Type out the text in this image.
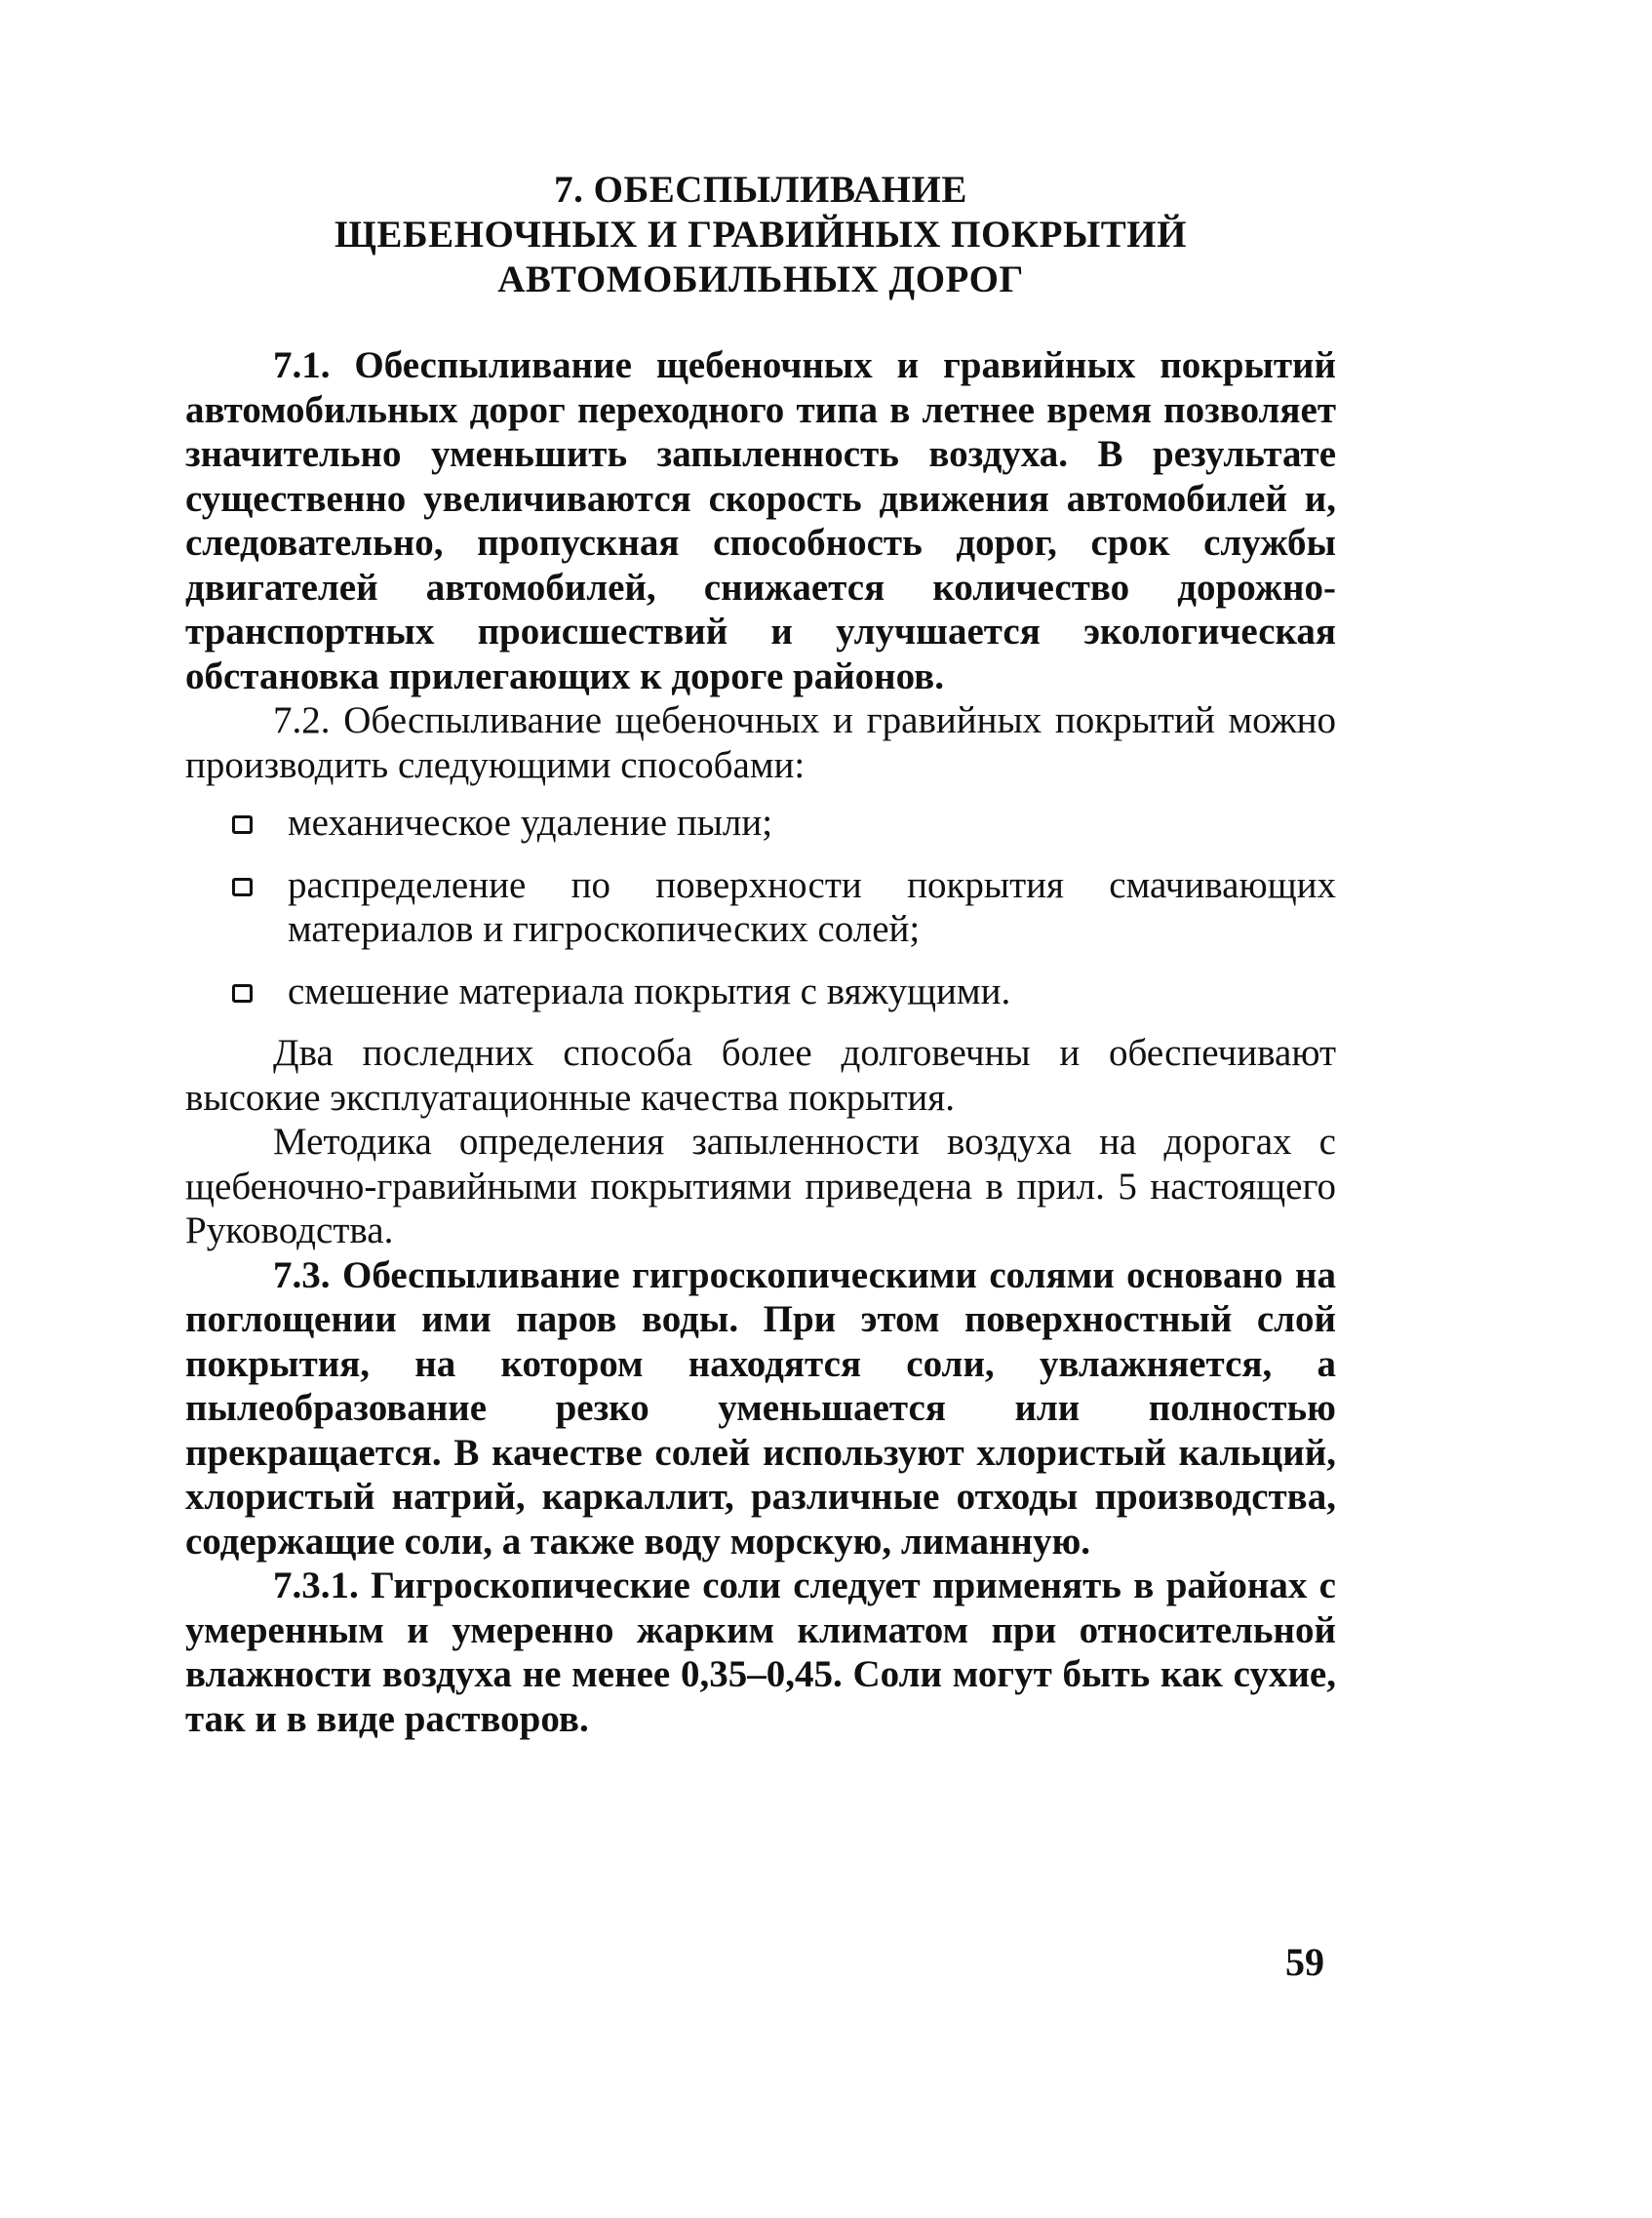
7. ОБЕСПЫЛИВАНИЕ
ЩЕБЕНОЧНЫХ И ГРАВИЙНЫХ ПОКРЫТИЙ
АВТОМОБИЛЬНЫХ ДОРОГ

7.1. Обеспыливание щебеночных и гравийных покрытий автомобильных дорог переходного типа в летнее время позволяет значительно уменьшить запыленность воздуха. В результате существенно увеличиваются скорость движения автомобилей и, следовательно, пропускная способность дорог, срок службы двигателей автомобилей, снижается количество дорожно-транспортных происшествий и улучшается экологическая обстановка прилегающих к дороге районов.

7.2. Обеспыливание щебеночных и гравийных покрытий можно производить следующими способами:

механическое удаление пыли;
распределение по поверхности покрытия смачивающих материалов и гигроскопических солей;
смешение материала покрытия с вяжущими.

Два последних способа более долговечны и обеспечивают высокие эксплуатационные качества покрытия.

Методика определения запыленности воздуха на дорогах с щебеночно-гравийными покрытиями приведена в прил. 5 настоящего Руководства.

7.3. Обеспыливание гигроскопическими солями основано на поглощении ими паров воды. При этом поверхностный слой покрытия, на котором находятся соли, увлажняется, а пылеобразование резко уменьшается или полностью прекращается. В качестве солей используют хлористый кальций, хлористый натрий, каркаллит, различные отходы производства, содержащие соли, а также воду морскую, лиманную.

7.3.1. Гигроскопические соли следует применять в районах с умеренным и умеренно жарким климатом при относительной влажности воздуха не менее 0,35–0,45. Соли могут быть как сухие, так и в виде растворов.

59
